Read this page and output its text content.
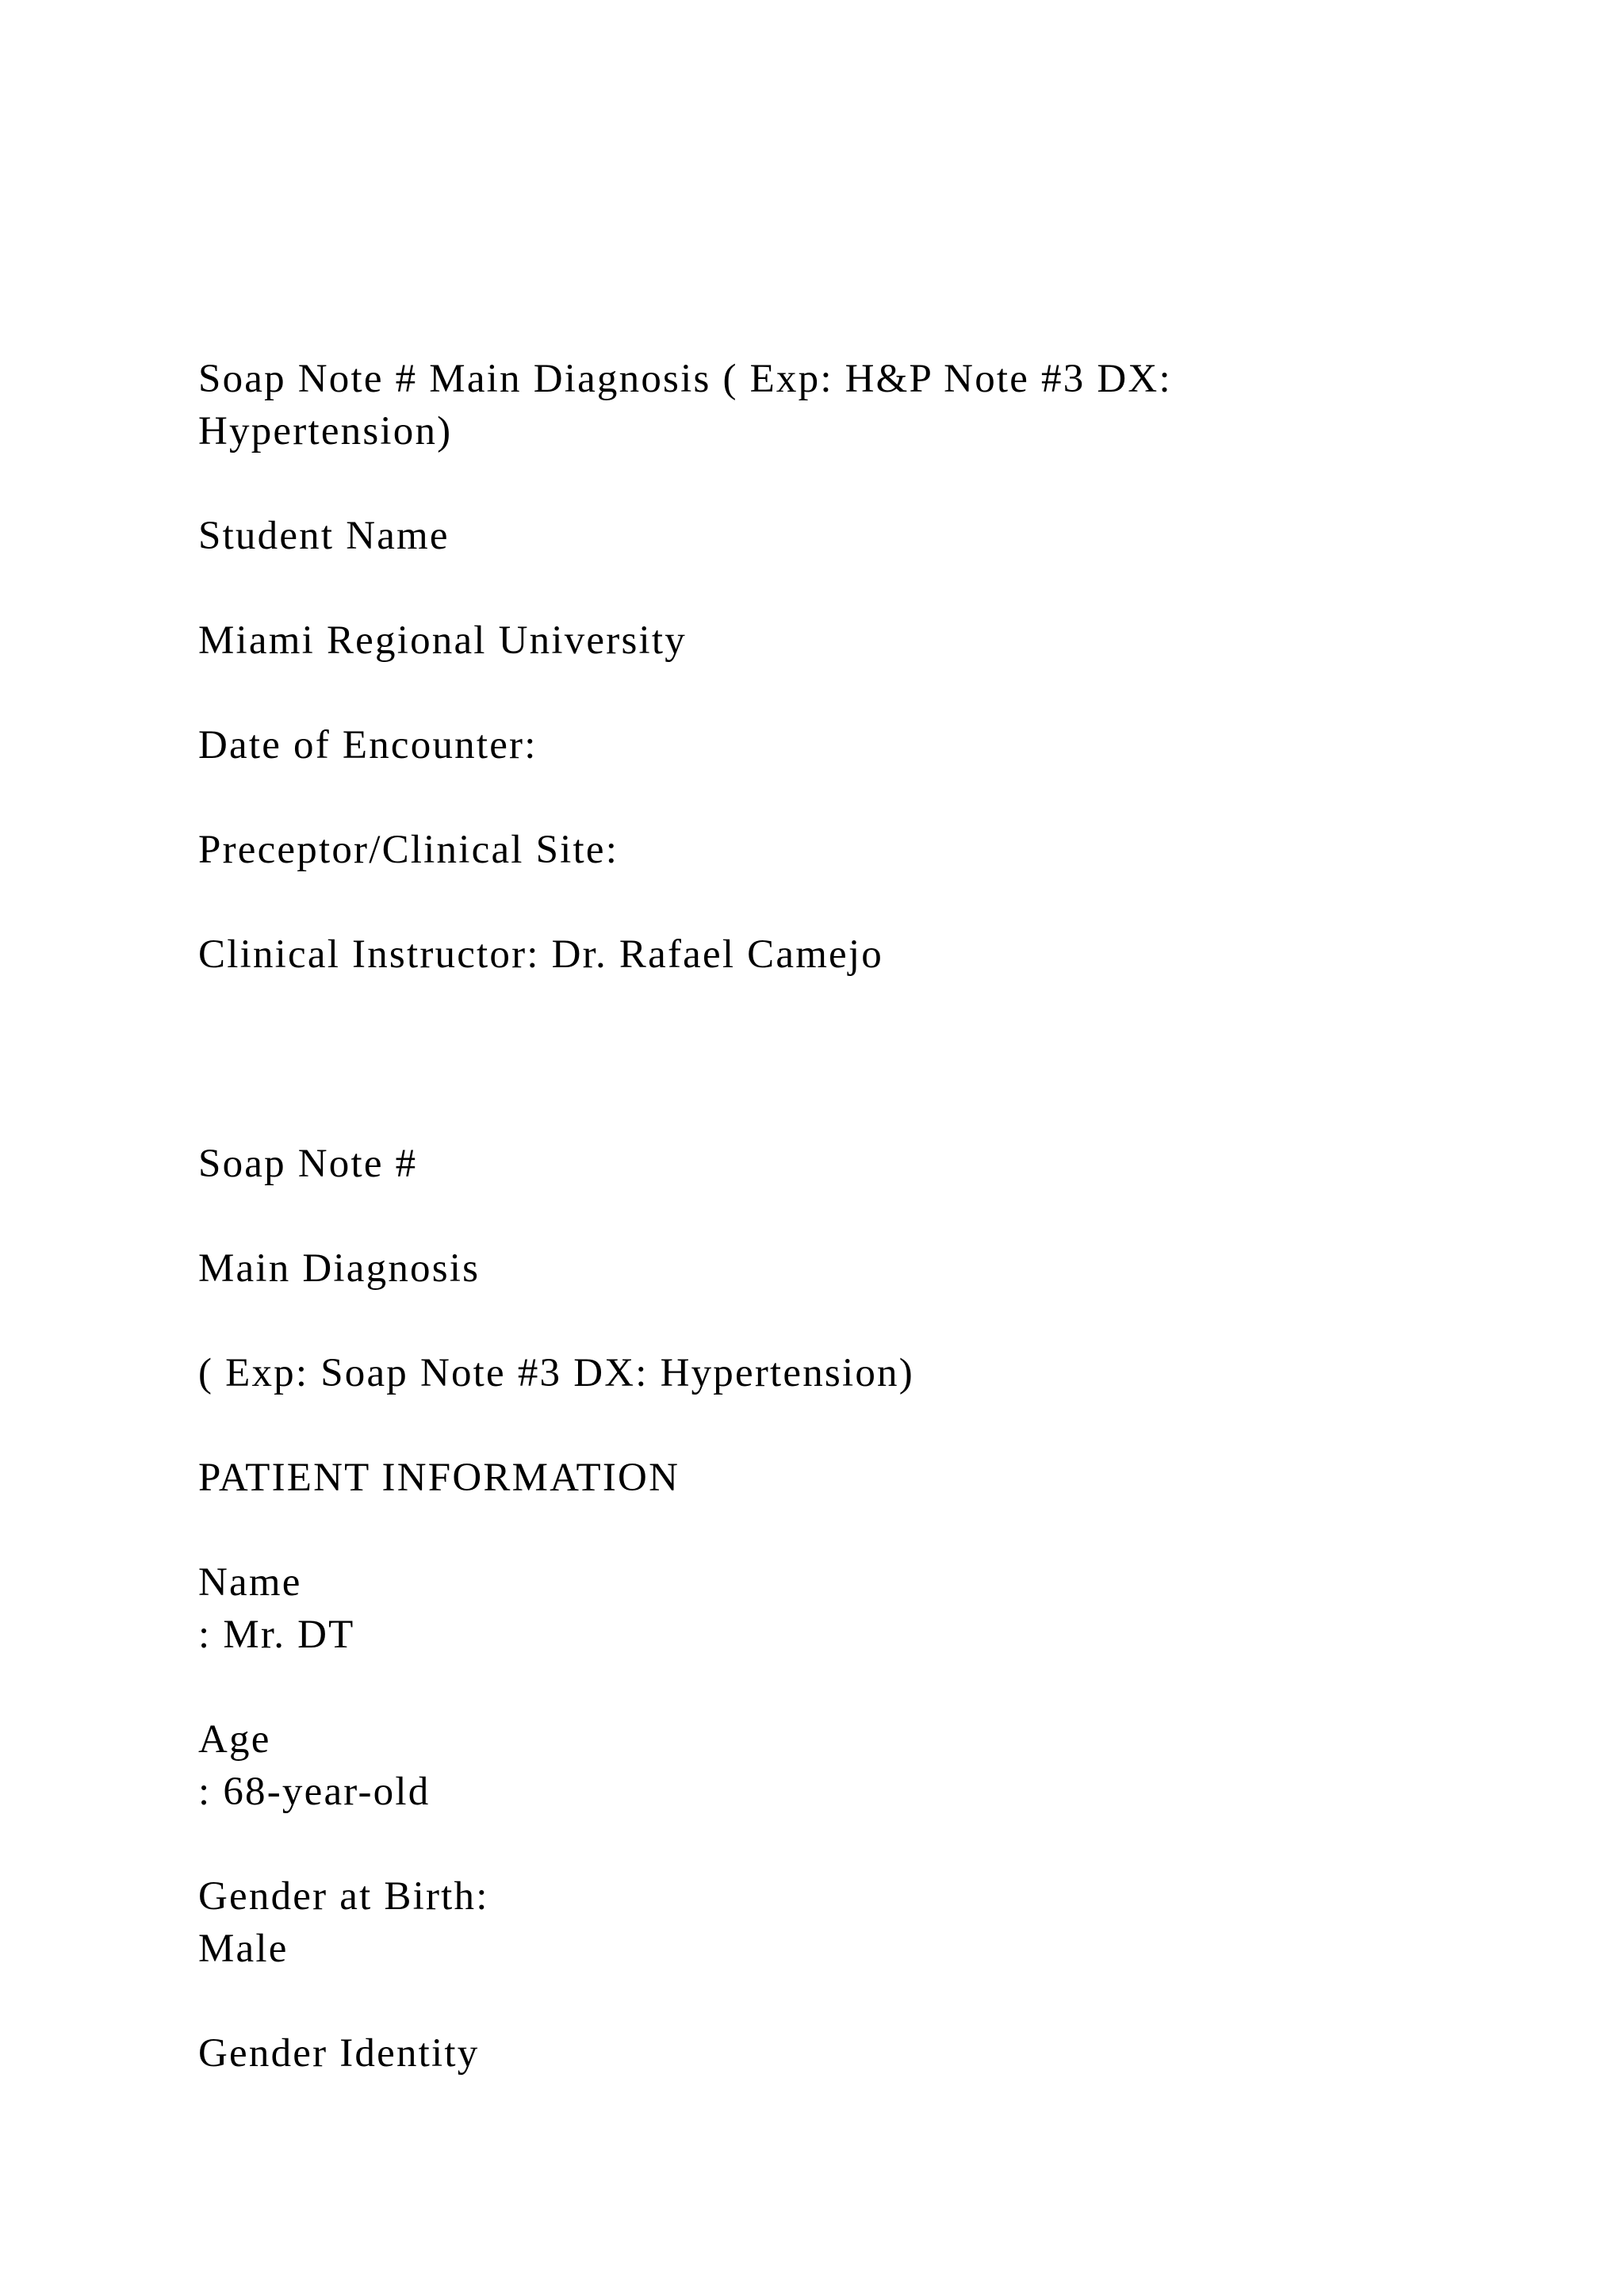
Soap Note # Main Diagnosis ( Exp: H&P Note #3 DX:
Hypertension)

Student Name

Miami Regional University

Date of Encounter:

Preceptor/Clinical Site:

Clinical Instructor: Dr. Rafael Camejo

Soap Note #

Main Diagnosis

( Exp: Soap Note #3 DX: Hypertension)

PATIENT INFORMATION

Name
: Mr. DT

Age
: 68-year-old

Gender at Birth:
Male

Gender Identity
